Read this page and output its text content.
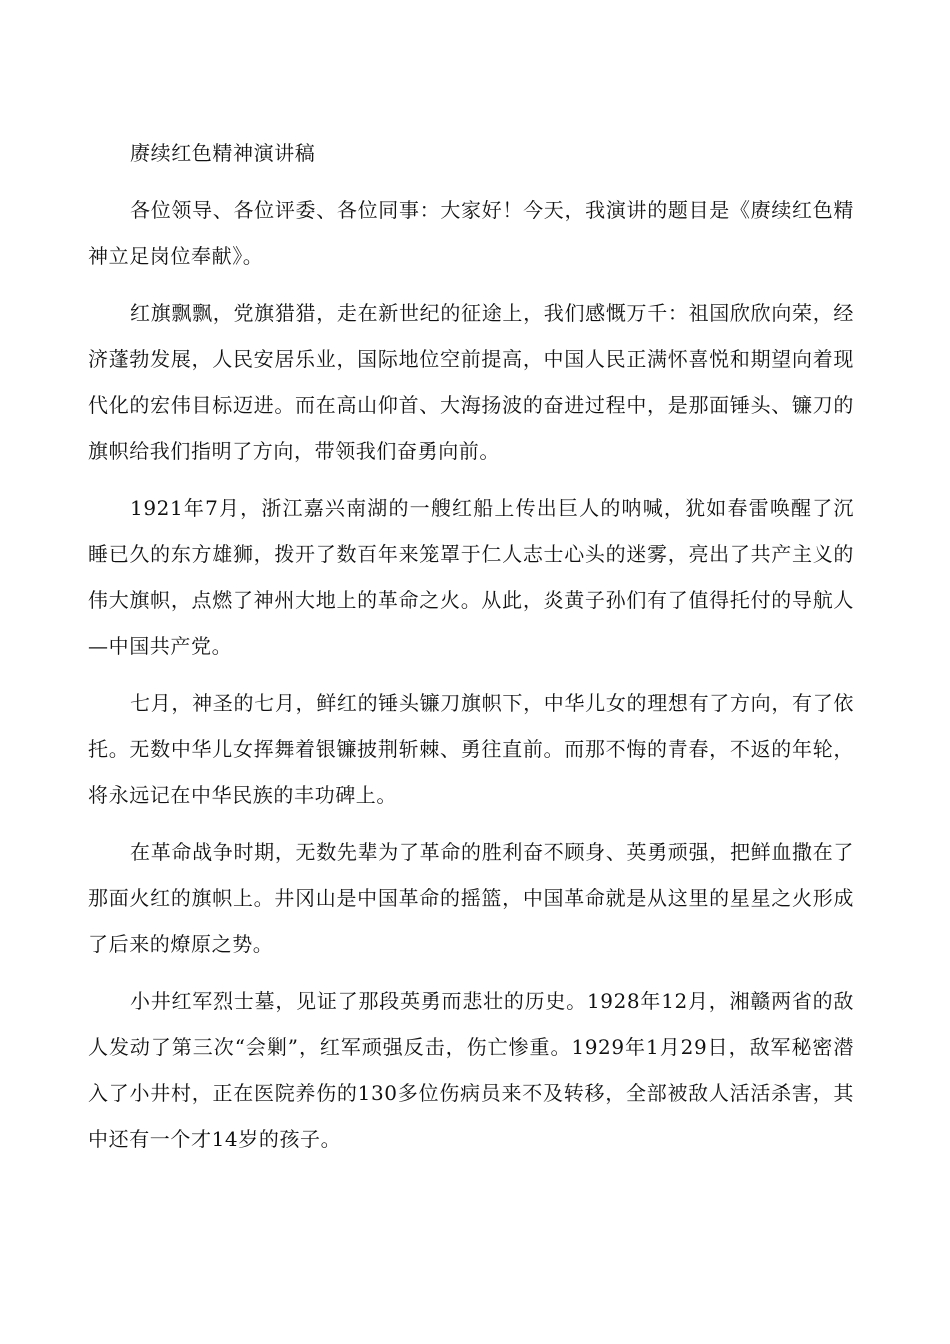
赓续红色精神演讲稿

各位领导、各位评委、各位同事：大家好！今天，我演讲的题目是《赓续红色精神立足岗位奉献》。

红旗飘飘，党旗猎猎，走在新世纪的征途上，我们感慨万千：祖国欣欣向荣，经济蓬勃发展，人民安居乐业，国际地位空前提高，中国人民正满怀喜悦和期望向着现代化的宏伟目标迈进。而在高山仰首、大海扬波的奋进过程中，是那面锤头、镰刀的旗帜给我们指明了方向，带领我们奋勇向前。

1921年7月，浙江嘉兴南湖的一艘红船上传出巨人的呐喊，犹如春雷唤醒了沉睡已久的东方雄狮，拨开了数百年来笼罩于仁人志士心头的迷雾，亮出了共产主义的伟大旗帜，点燃了神州大地上的革命之火。从此，炎黄子孙们有了值得托付的导航人—中国共产党。

七月，神圣的七月，鲜红的锤头镰刀旗帜下，中华儿女的理想有了方向，有了依托。无数中华儿女挥舞着银镰披荆斩棘、勇往直前。而那不悔的青春，不返的年轮，将永远记在中华民族的丰功碑上。

在革命战争时期，无数先辈为了革命的胜利奋不顾身、英勇顽强，把鲜血撒在了那面火红的旗帜上。井冈山是中国革命的摇篮，中国革命就是从这里的星星之火形成了后来的燎原之势。

小井红军烈士墓，见证了那段英勇而悲壮的历史。1928年12月，湘赣两省的敌人发动了第三次“会剿”，红军顽强反击，伤亡惨重。1929年1月29日，敌军秘密潜入了小井村，正在医院养伤的130多位伤病员来不及转移，全部被敌人活活杀害，其中还有一个才14岁的孩子。
